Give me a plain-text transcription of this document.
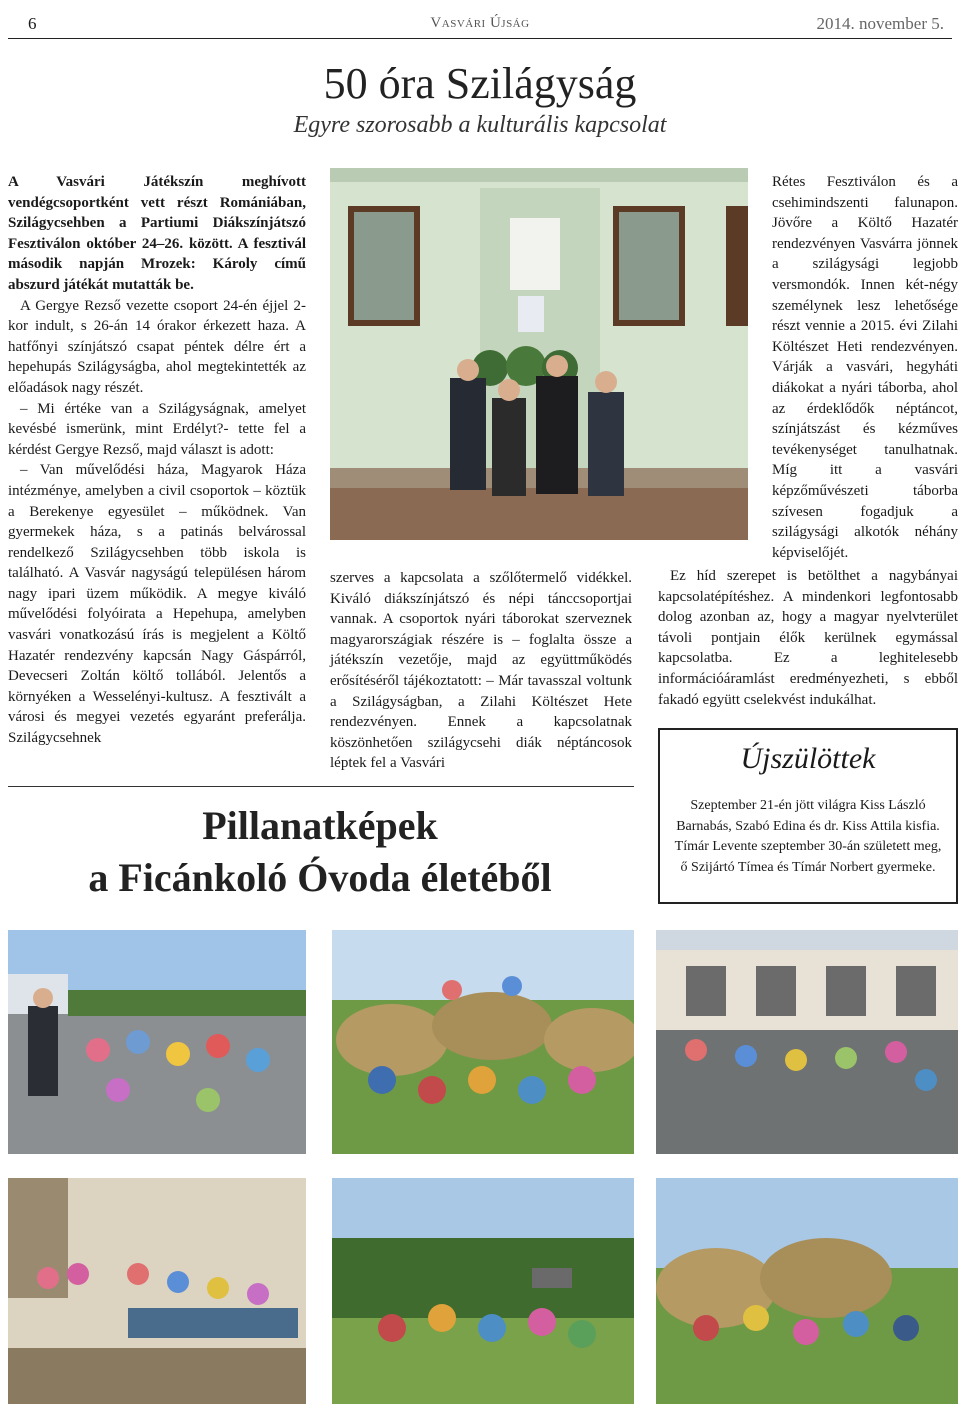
6	Vasvári Újság	2014. november 5.
50 óra Szilágyság
Egyre szorosabb a kulturális kapcsolat

A Vasvári Játékszín meghívott vendégcsoportként vett részt Romániában, Szilágycsehben a Partiumi Diákszínjátszó Fesztiválon október 24–26. között. A fesztivál második napján Mrozek: Károly című abszurd játékát mutatták be.

A Gergye Rezső vezette csoport 24-én éjjel 2-kor indult, s 26-án 14 órakor érkezett haza. A hatfőnyi színjátszó csapat péntek délre ért a hepehupás Szilágyságba, ahol megtekintették az előadások nagy részét.

– Mi értéke van a Szilágyságnak, amelyet kevésbé ismerünk, mint Erdélyt?- tette fel a kérdést Gergye Rezső, majd választ is adott:

– Van művelődési háza, Magyarok Háza intézménye, amelyben a civil csoportok – köztük a Berekenye egyesület – működnek. Van gyermekek háza, s a patinás belvárossal rendelkező Szilágycsehben több iskola is található. A Vasvár nagyságú településen három nagy ipari üzem működik. A megye kiváló művelődési folyóirata a Hepehupa, amelyben vasvári vonatkozású írás is megjelent a Költő Hazatér rendezvény kapcsán Nagy Gáspárról, Devecseri Zoltán költő tollából. Jelentős a környéken a Wesselényi-kultusz. A fesztivált a városi és megyei vezetés egyaránt preferálja. Szilágycsehnek

szerves a kapcsolata a szőlőtermelő vidékkel. Kiváló diákszínjátszó és népi tánccsoportjai vannak. A csoportok nyári táborokat szerveznek magyarországiak részére is – foglalta össze a játékszín vezetője, majd az együttműködés erősítéséről tájékoztatott: – Már tavasszal voltunk a Szilágyságban, a Zilahi Költészet Hete rendezvényen. Ennek a kapcsolatnak köszönhetően szilágycsehi diák néptáncosok léptek fel a Vasvári

Rétes Fesztiválon és a csehimindszenti falunapon. Jövőre a Költő Hazatér rendezvényen Vasvárra jönnek a szilágysági legjobb versmondók. Innen két-négy személynek lesz lehetősége részt vennie a 2015. évi Zilahi Költészet Heti rendezvényen. Várják a vasvári, hegyháti diákokat a nyári táborba, ahol az érdeklődők néptáncot, színjátszást és kézműves tevékenységet tanulhatnak. Míg itt a vasvári képzőművészeti táborba szívesen fogadjuk a szilágysági alkotók néhány képviselőjét.

Ez híd szerepet is betölthet a nagybányai kapcsolatépítéshez. A mindenkori legfontosabb dolog azonban az, hogy a magyar nyelvterület távoli pontjain élők kerülnek egymással kapcsolatba. Ez a leghitelesebb információáramlást eredményezheti, s ebből fakadó együtt cselekvést indukálhat.

Pillanatképek
a Ficánkoló Óvoda életéből
Újszülöttek

Szeptember 21-én jött világra Kiss László Barnabás, Szabó Edina és dr. Kiss Attila kisfia. Tímár Levente szeptember 30-án született meg, ő Szijártó Tímea és Tímár Norbert gyermeke.
